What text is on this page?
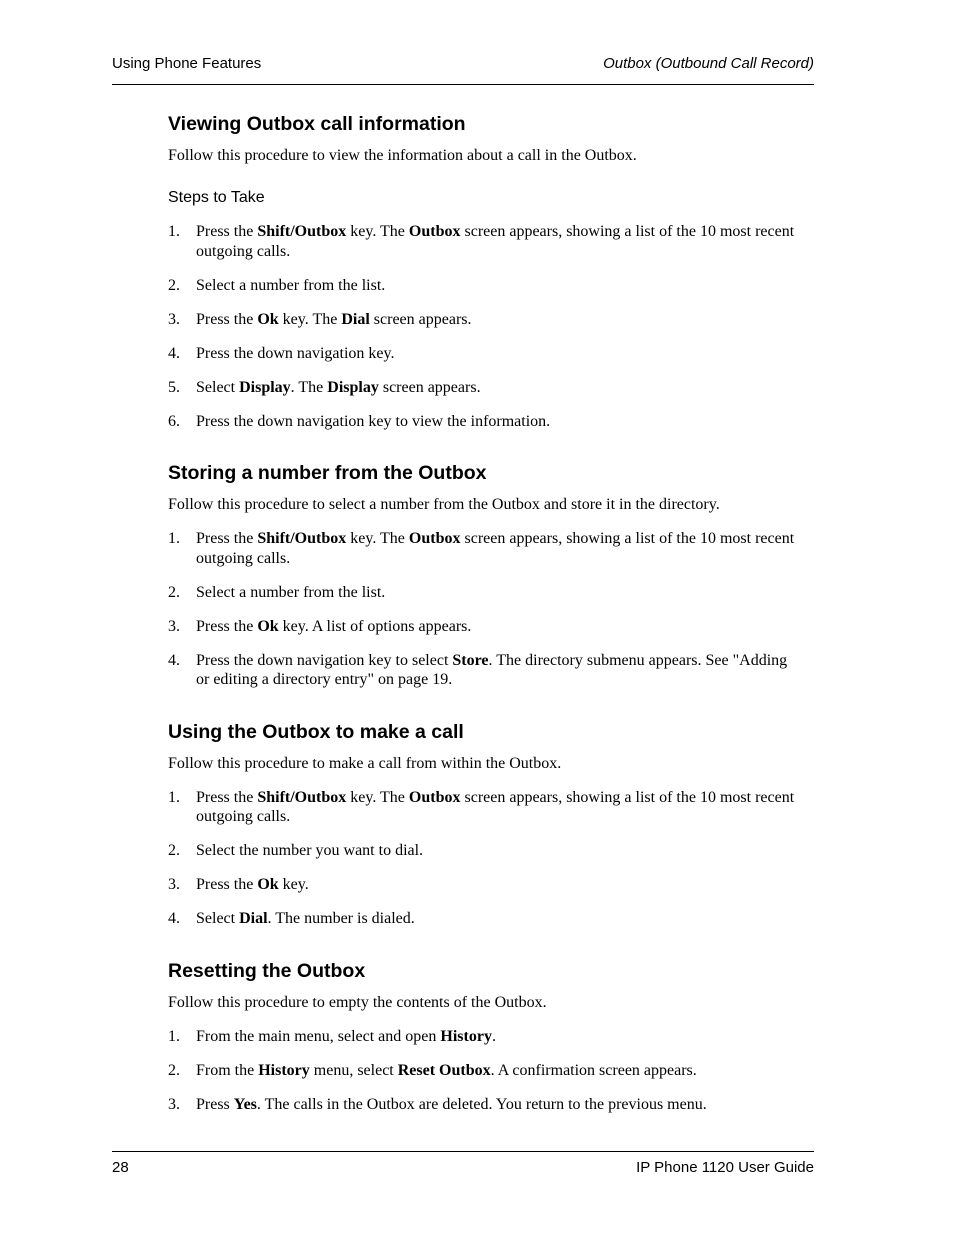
Using Phone Features	Outbox (Outbound Call Record)
Viewing Outbox call information

Follow this procedure to view the information about a call in the Outbox.

Steps to Take

1. Press the Shift/Outbox key. The Outbox screen appears, showing a list of the 10 most recent outgoing calls.
2. Select a number from the list.
3. Press the Ok key. The Dial screen appears.
4. Press the down navigation key.
5. Select Display. The Display screen appears.
6. Press the down navigation key to view the information.
Storing a number from the Outbox

Follow this procedure to select a number from the Outbox and store it in the directory.

1. Press the Shift/Outbox key. The Outbox screen appears, showing a list of the 10 most recent outgoing calls.
2. Select a number from the list.
3. Press the Ok key. A list of options appears.
4. Press the down navigation key to select Store. The directory submenu appears. See "Adding or editing a directory entry" on page 19.
Using the Outbox to make a call

Follow this procedure to make a call from within the Outbox.

1. Press the Shift/Outbox key. The Outbox screen appears, showing a list of the 10 most recent outgoing calls.
2. Select the number you want to dial.
3. Press the Ok key.
4. Select Dial. The number is dialed.
Resetting the Outbox

Follow this procedure to empty the contents of the Outbox.

1. From the main menu, select and open History.
2. From the History menu, select Reset Outbox. A confirmation screen appears.
3. Press Yes. The calls in the Outbox are deleted. You return to the previous menu.
28	IP Phone 1120 User Guide
